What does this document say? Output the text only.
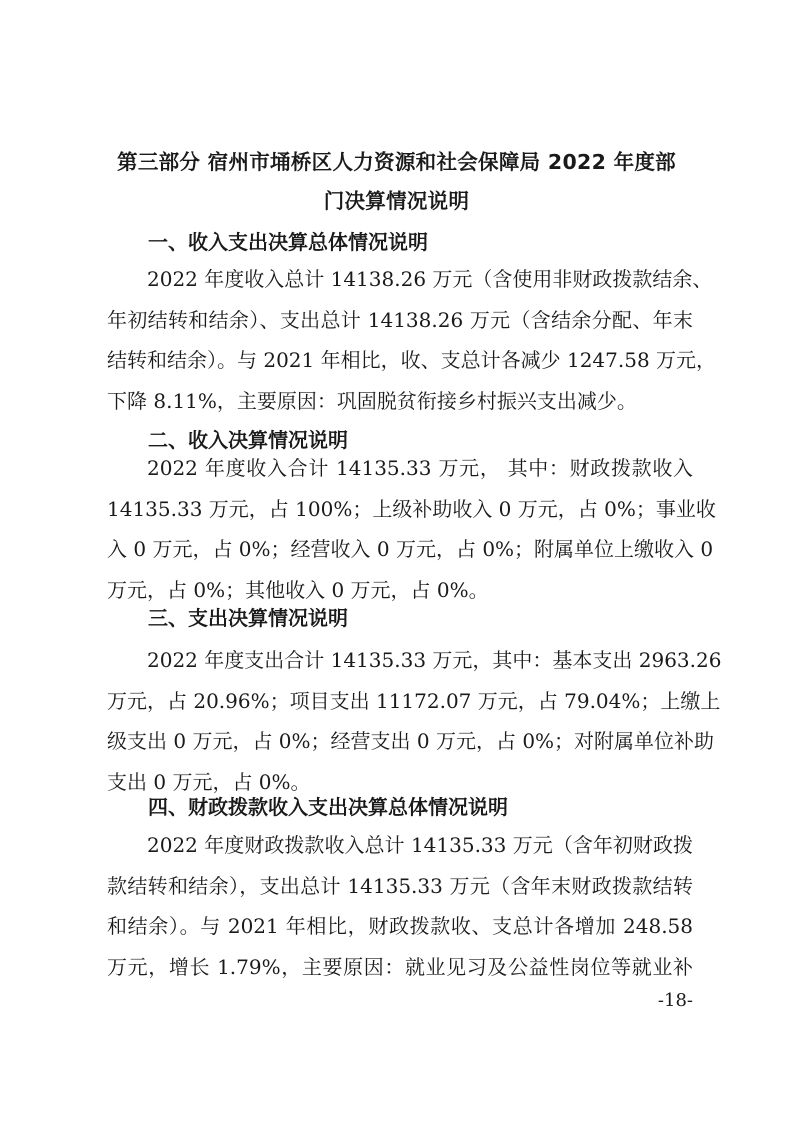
第三部分 宿州市埇桥区人力资源和社会保障局 2022 年度部
门决算情况说明
一、收入支出决算总体情况说明
2022 年度收入总计 14138.26 万元（含使用非财政拨款结余、
年初结转和结余）、支出总计 14138.26 万元（含结余分配、年末
结转和结余）。与 2021 年相比，收、支总计各减少 1247.58 万元，
下降 8.11%，主要原因：巩固脱贫衔接乡村振兴支出减少。
二、收入决算情况说明
2022 年度收入合计 14135.33 万元， 其中：财政拨款收入
14135.33 万元，占 100%；上级补助收入 0 万元，占 0%；事业收
入 0 万元，占 0%；经营收入 0 万元，占 0%；附属单位上缴收入 0
万元，占 0%；其他收入 0 万元，占 0%。
三、支出决算情况说明
2022 年度支出合计 14135.33 万元，其中：基本支出 2963.26
万元，占 20.96%；项目支出 11172.07 万元，占 79.04%；上缴上
级支出 0 万元，占 0%；经营支出 0 万元，占 0%；对附属单位补助
支出 0 万元，占 0%。
四、财政拨款收入支出决算总体情况说明
2022 年度财政拨款收入总计 14135.33 万元（含年初财政拨
款结转和结余），支出总计 14135.33 万元（含年末财政拨款结转
和结余）。与 2021 年相比，财政拨款收、支总计各增加 248.58
万元，增长 1.79%，主要原因：就业见习及公益性岗位等就业补
-18-
